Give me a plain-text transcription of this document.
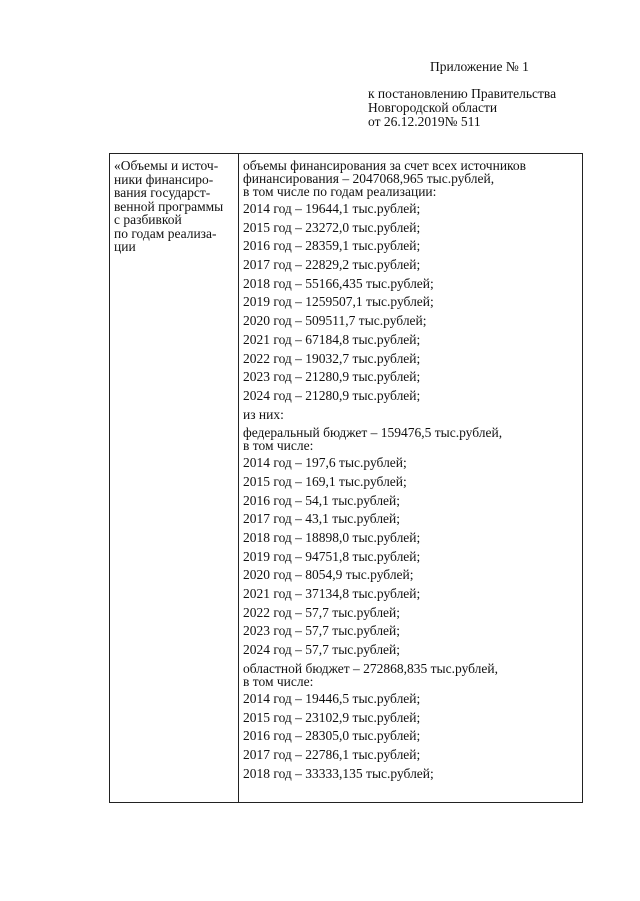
Приложение № 1
к постановлению Правительства
Новгородской области
от 26.12.2019№ 511
«Объемы и источ-
ники финансиро-
вания государст-
венной программы
с разбивкой
по годам реализа-
ции
объемы финансирования за счет всех источников
финансирования – 2047068,965 тыс.рублей,
в том числе по годам реализации:
2014 год – 19644,1 тыс.рублей;
2015 год – 23272,0 тыс.рублей;
2016 год – 28359,1 тыс.рублей;
2017 год – 22829,2 тыс.рублей;
2018 год – 55166,435 тыс.рублей;
2019 год – 1259507,1 тыс.рублей;
2020 год – 509511,7 тыс.рублей;
2021 год – 67184,8 тыс.рублей;
2022 год – 19032,7 тыс.рублей;
2023 год – 21280,9 тыс.рублей;
2024 год – 21280,9 тыс.рублей;
из них:
федеральный бюджет – 159476,5 тыс.рублей,
в том числе:
2014 год – 197,6 тыс.рублей;
2015 год – 169,1 тыс.рублей;
2016 год – 54,1 тыс.рублей;
2017 год – 43,1 тыс.рублей;
2018 год – 18898,0 тыс.рублей;
2019 год – 94751,8 тыс.рублей;
2020 год – 8054,9 тыс.рублей;
2021 год – 37134,8 тыс.рублей;
2022 год – 57,7 тыс.рублей;
2023 год – 57,7 тыс.рублей;
2024 год – 57,7 тыс.рублей;
областной бюджет – 272868,835 тыс.рублей,
в том числе:
2014 год – 19446,5 тыс.рублей;
2015 год – 23102,9 тыс.рублей;
2016 год – 28305,0 тыс.рублей;
2017 год – 22786,1 тыс.рублей;
2018 год – 33333,135 тыс.рублей;
